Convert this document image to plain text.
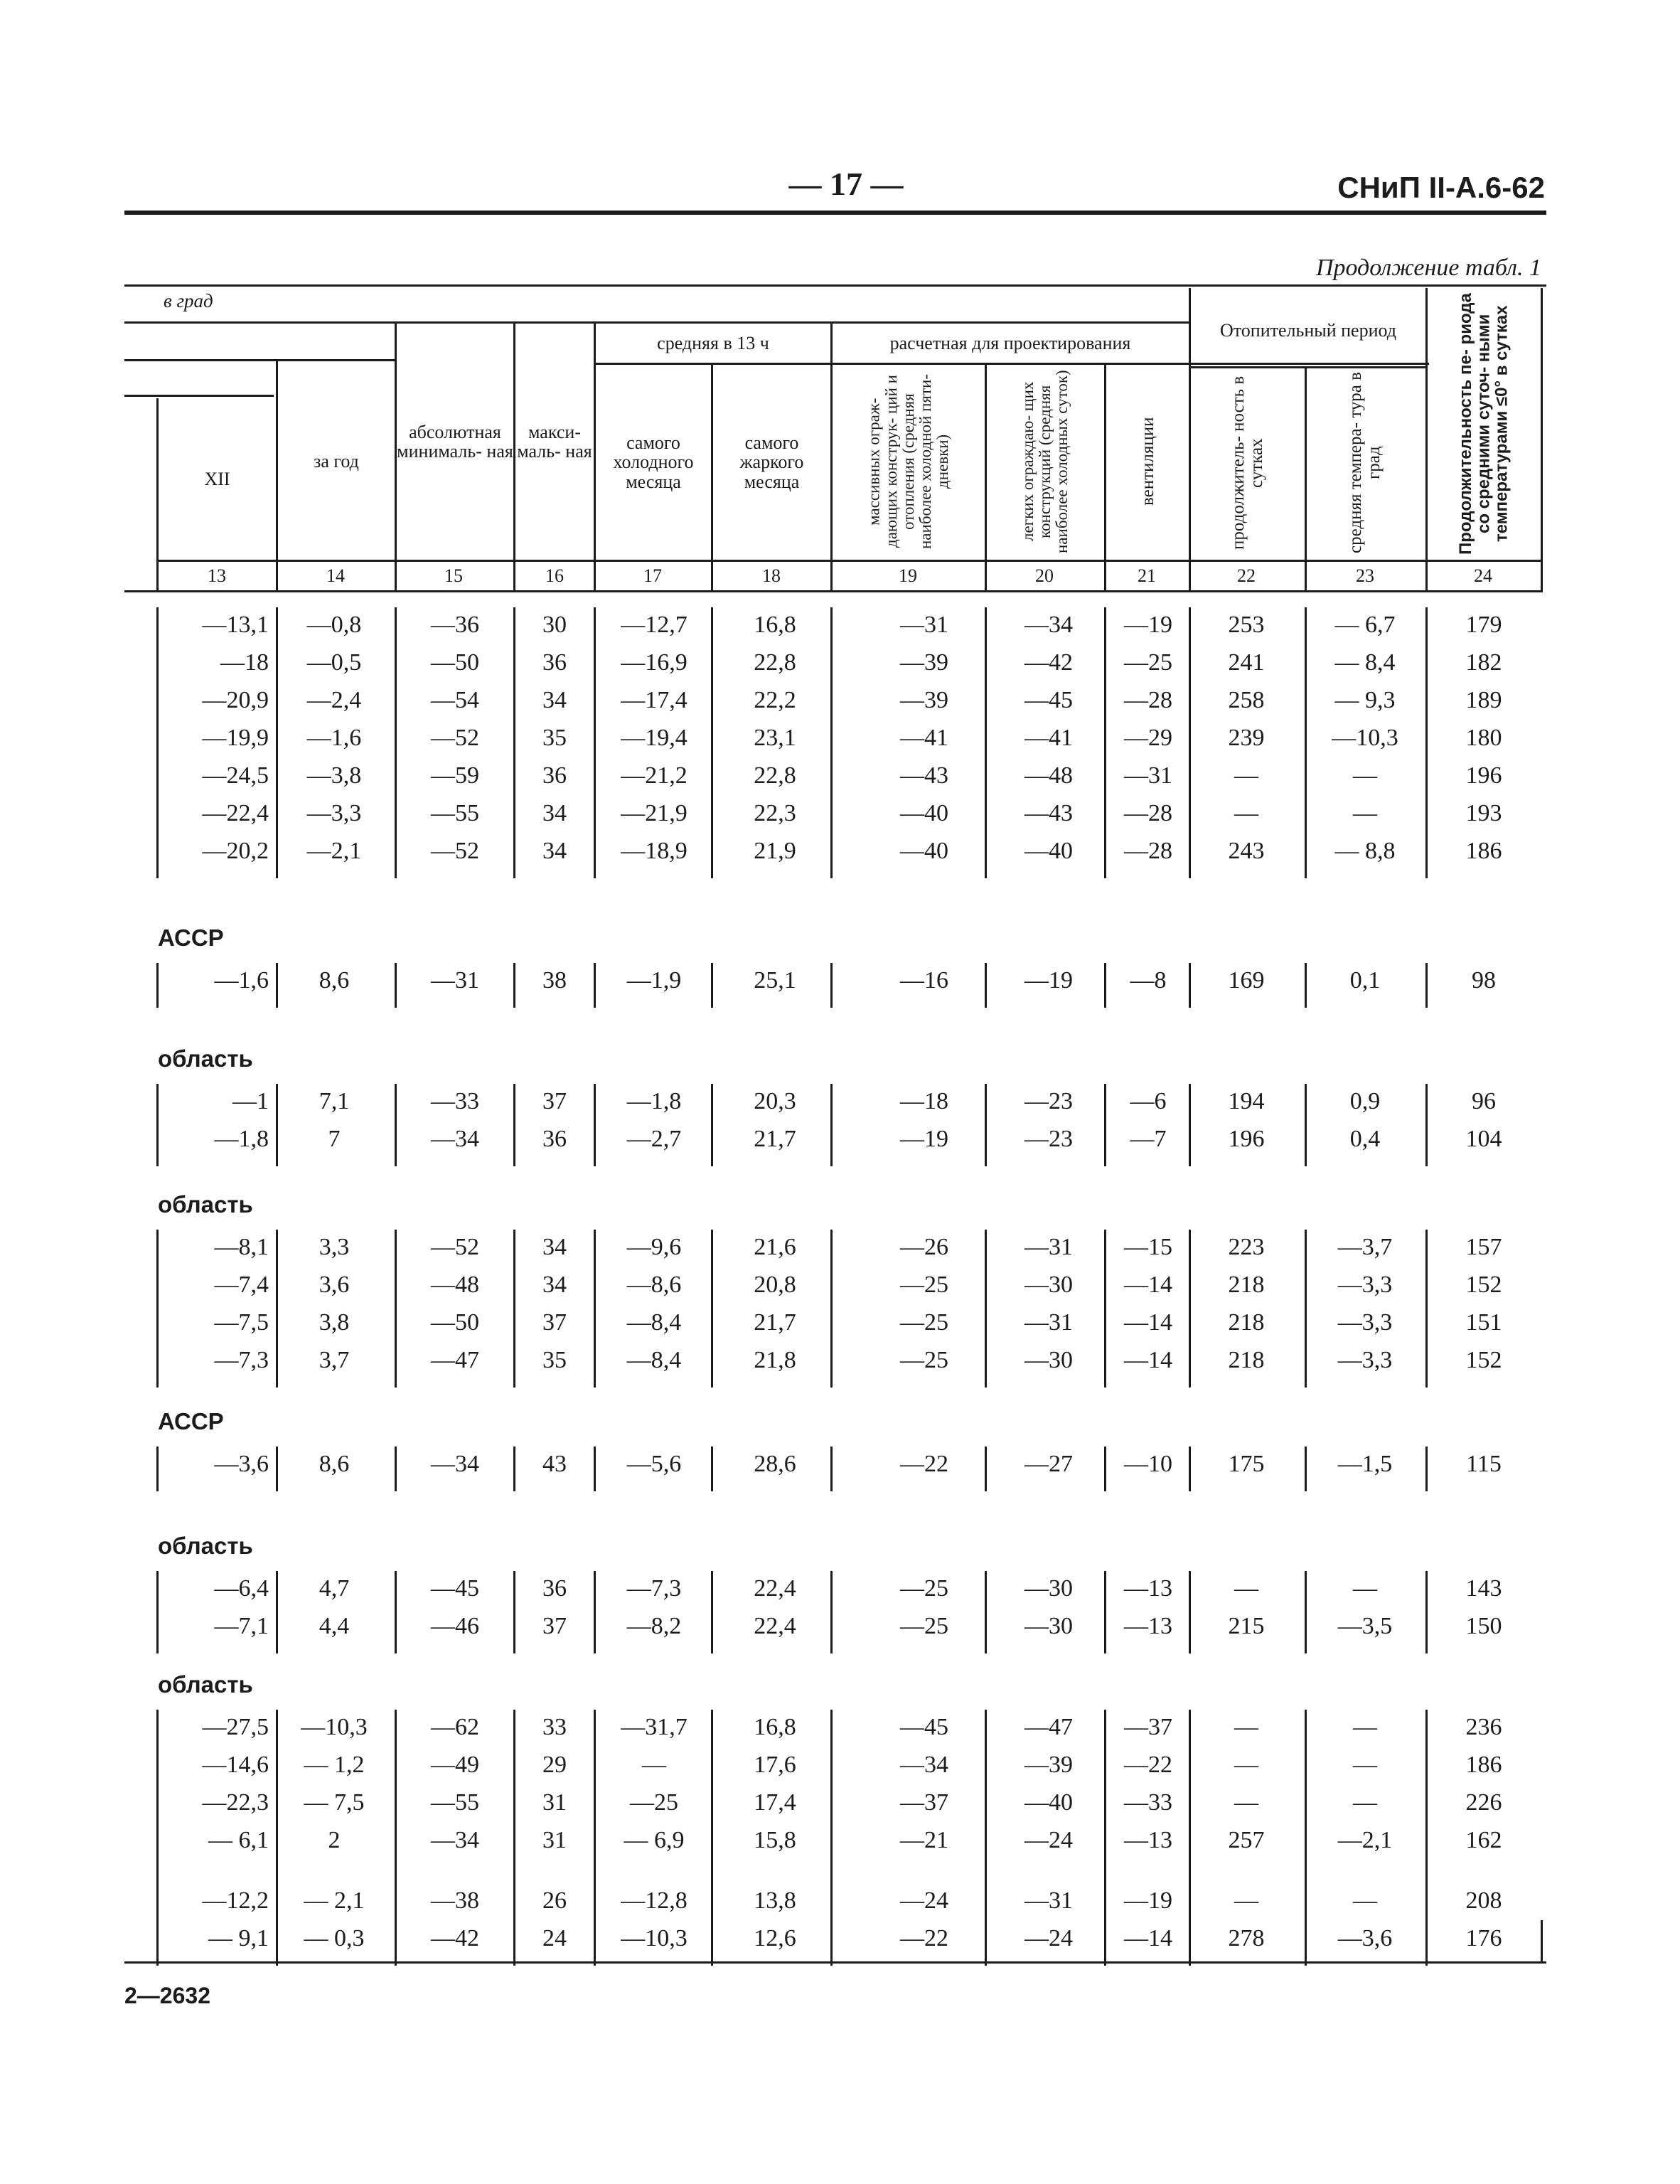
— 17 —	СНиП II-А.6-62
Продолжение табл. 1
в град
средняя в 13 ч	расчетная для проектирования
Отопительный период
XII
за год
абсолютная минималь- ная
макси- маль- ная	самого холодного месяца
самого жаркого месяца	массивных ограж- дающих конструк- ций и отопления (средняя наиболее холодной пяти- дневки)	легких ограждаю- щих конструкций (средняя наиболее холодных суток)	вентиляции	продолжитель- ность в сутках	средняя темпера- тура в град	Продолжительность пе- риода со средними суточ- ными температурами ≤0° в сутках
13	14	15	16	17	18	19	20	21	22	23	24
—13,1	—0,8	—36	30	—12,7	16,8	—31	—34	—19	253	— 6,7	179
—18	—0,5	—50	36	—16,9	22,8	—39	—42	—25	241	— 8,4	182
—20,9	—2,4	—54	34	—17,4	22,2	—39	—45	—28	258	— 9,3	189
—19,9	—1,6	—52	35	—19,4	23,1	—41	—41	—29	239	—10,3	180
—24,5	—3,8	—59	36	—21,2	22,8	—43	—48	—31	—	—	196
—22,4	—3,3	—55	34	—21,9	22,3	—40	—43	—28	—	—	193
—20,2	—2,1	—52	34	—18,9	21,9	—40	—40	—28	243	— 8,8	186
АССР
—1,6	8,6	—31	38	—1,9	25,1	—16	—19	—8	169	0,1	98
область
—1	7,1	—33	37	—1,8	20,3	—18	—23	—6	194	0,9	96
—1,8	7	—34	36	—2,7	21,7	—19	—23	—7	196	0,4	104
область
—8,1	3,3	—52	34	—9,6	21,6	—26	—31	—15	223	—3,7	157
—7,4	3,6	—48	34	—8,6	20,8	—25	—30	—14	218	—3,3	152
—7,5	3,8	—50	37	—8,4	21,7	—25	—31	—14	218	—3,3	151
—7,3	3,7	—47	35	—8,4	21,8	—25	—30	—14	218	—3,3	152
АССР
—3,6	8,6	—34	43	—5,6	28,6	—22	—27	—10	175	—1,5	115
область
—6,4	4,7	—45	36	—7,3	22,4	—25	—30	—13	—	—	143
—7,1	4,4	—46	37	—8,2	22,4	—25	—30	—13	215	—3,5	150
область
—27,5	—10,3	—62	33	—31,7	16,8	—45	—47	—37	—	—	236
—14,6	— 1,2	—49	29	—	17,6	—34	—39	—22	—	—	186
—22,3	— 7,5	—55	31	—25	17,4	—37	—40	—33	—	—	226
— 6,1	2	—34	31	— 6,9	15,8	—21	—24	—13	257	—2,1	162
—12,2	— 2,1	—38	26	—12,8	13,8	—24	—31	—19	—	—	208
— 9,1	— 0,3	—42	24	—10,3	12,6	—22	—24	—14	278	—3,6	176
2—2632
